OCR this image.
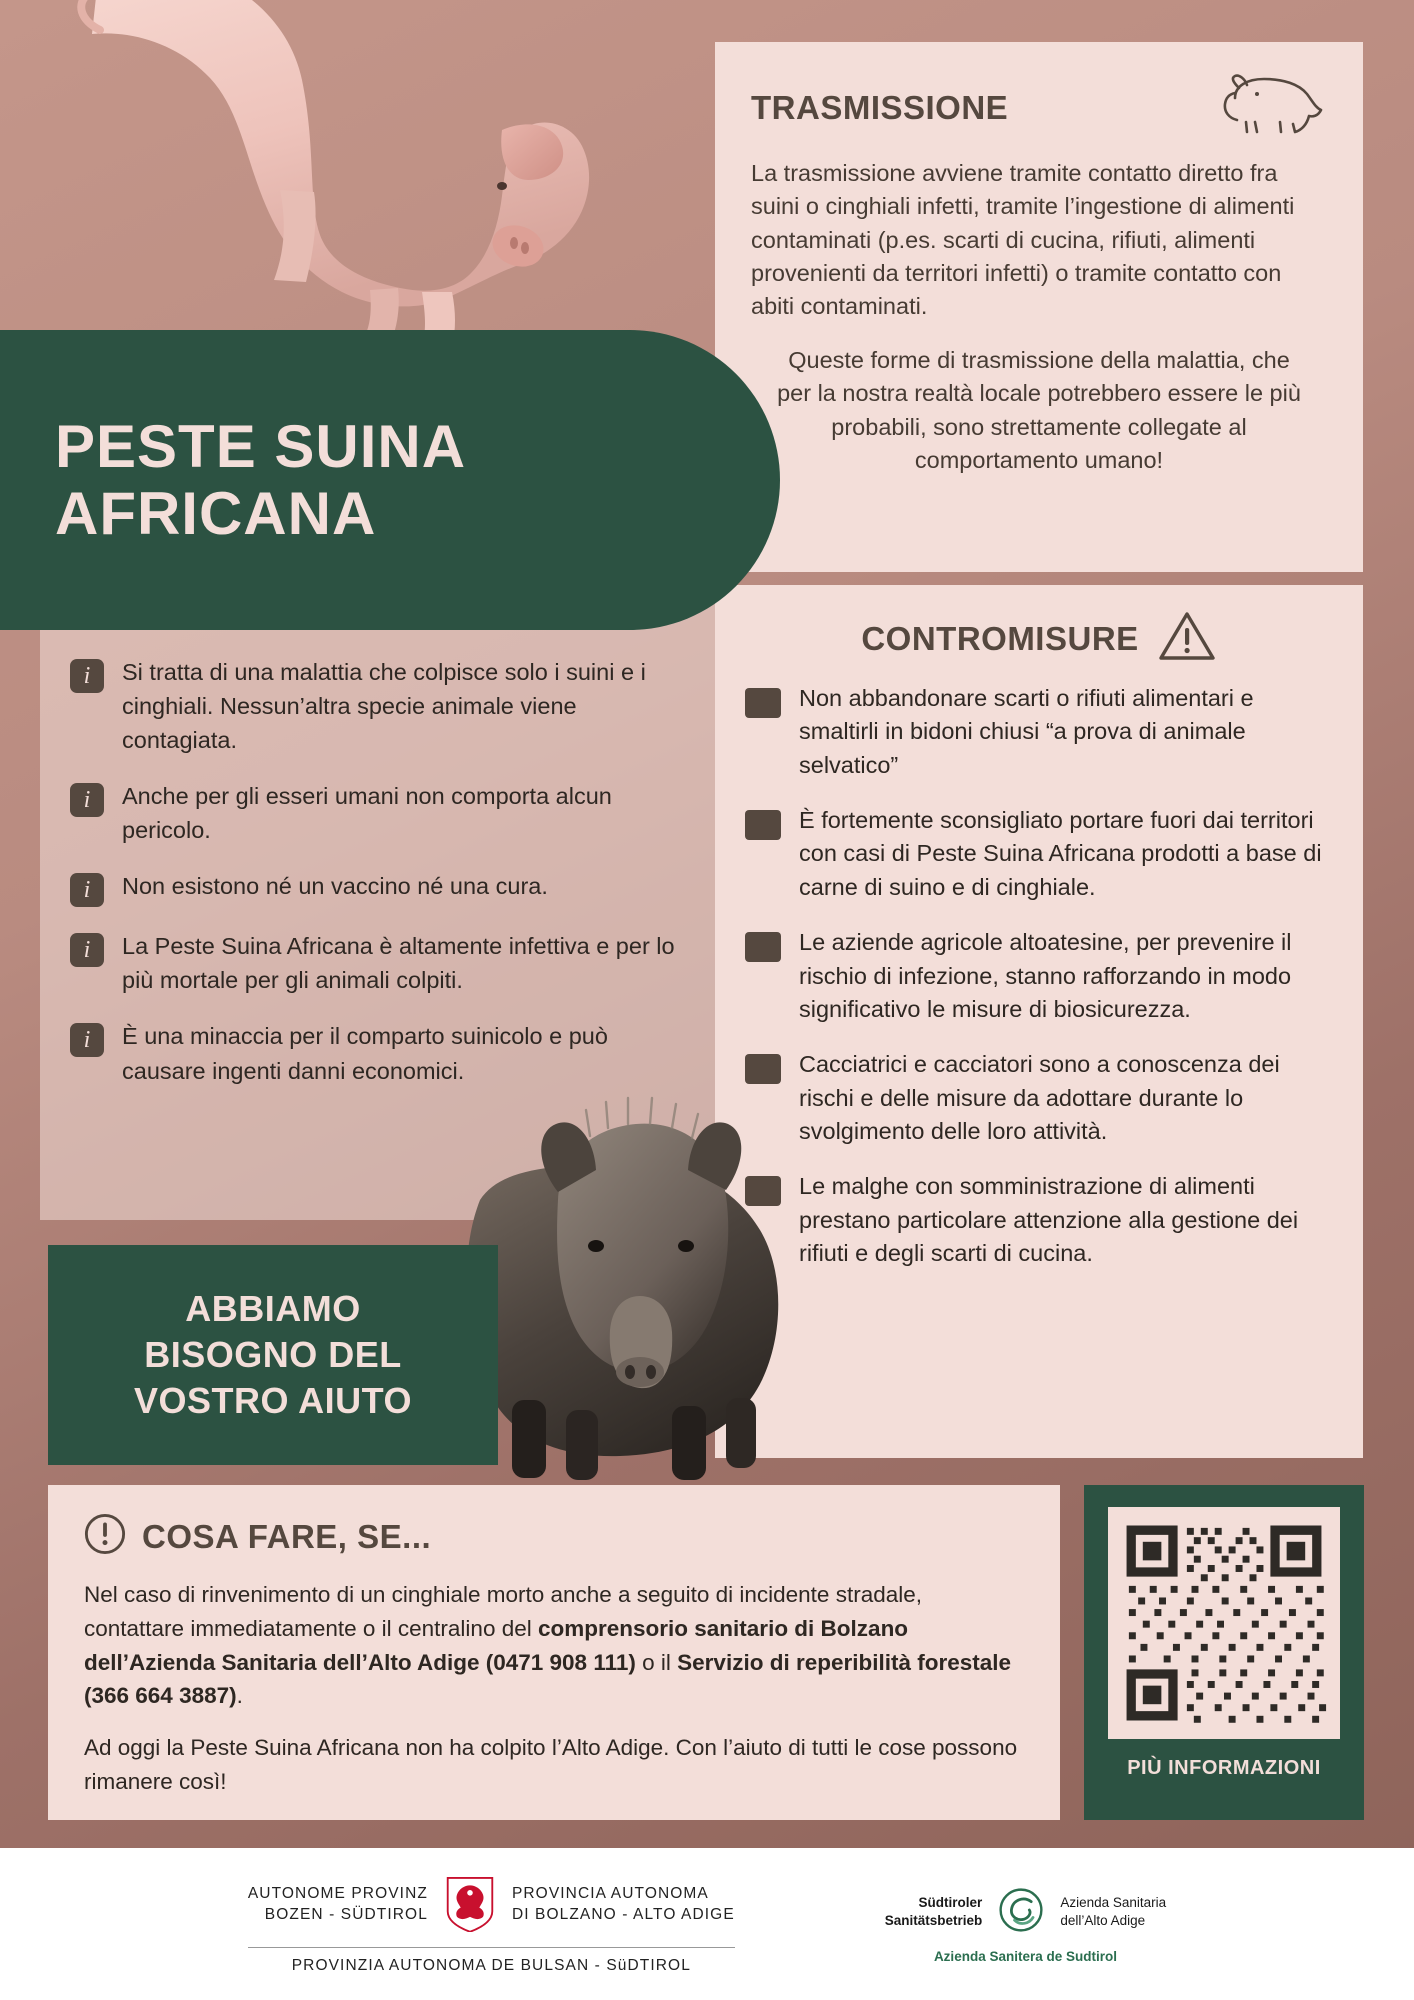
PESTE SUINA
AFRICANA
TRASMISSIONE

La trasmissione avviene tramite contatto diretto fra suini o cinghiali infetti, tramite l’ingestione di alimenti contaminati (p.es. scarti di cucina, rifiuti, alimenti provenienti da territori infetti) o tramite contatto con abiti contaminati.

Queste forme di trasmissione della malattia, che per la nostra realtà locale potrebbero essere le più probabili, sono strettamente collegate al comportamento umano!

i	Si tratta di una malattia che colpisce solo i suini e i cinghiali. Nessun’altra specie animale viene contagiata.

i	Anche per gli esseri umani non comporta alcun pericolo.

i	Non esistono né un vaccino né una cura.

i	La Peste Suina Africana è altamente infettiva e per lo più mortale per gli animali colpiti.

i	È una minaccia per il comparto suinicolo e può causare ingenti danni economici.

CONTROMISURE

Non abbandonare scarti o rifiuti alimentari e smaltirli in bidoni chiusi “a prova di animale selvatico”

È fortemente sconsigliato portare fuori dai territori con casi di Peste Suina Africana prodotti a base di carne di suino e di cinghiale.

Le aziende agricole altoatesine, per prevenire il rischio di infezione, stanno rafforzando in modo significativo le misure di biosicurezza.

Cacciatrici e cacciatori sono a conoscenza dei rischi e delle misure da adottare durante lo svolgimento delle loro attività.

Le malghe con somministrazione di alimenti prestano particolare attenzione alla gestione dei rifiuti e degli scarti di cucina.

ABBIAMO
BISOGNO DEL
VOSTRO AIUTO

COSA FARE, SE...

Nel caso di rinvenimento di un cinghiale morto anche a seguito di incidente stradale, contattare immediatamente o il centralino del comprensorio sanitario di Bolzano dell’Azienda Sanitaria dell’Alto Adige (0471 908 111) o il Servizio di reperibilità forestale (366 664 3887).

Ad oggi la Peste Suina Africana non ha colpito l’Alto Adige. Con l’aiuto di tutti le cose possono rimanere così!

PIÙ INFORMAZIONI
AUTONOME PROVINZ
BOZEN - SÜDTIROL
PROVINCIA AUTONOMA
DI BOLZANO - ALTO ADIGE
PROVINZIA AUTONOMA DE BULSAN - SüDTIROL
Südtiroler
Sanitätsbetrieb
Azienda Sanitaria
dell’Alto Adige
Azienda Sanitera de Sudtirol
